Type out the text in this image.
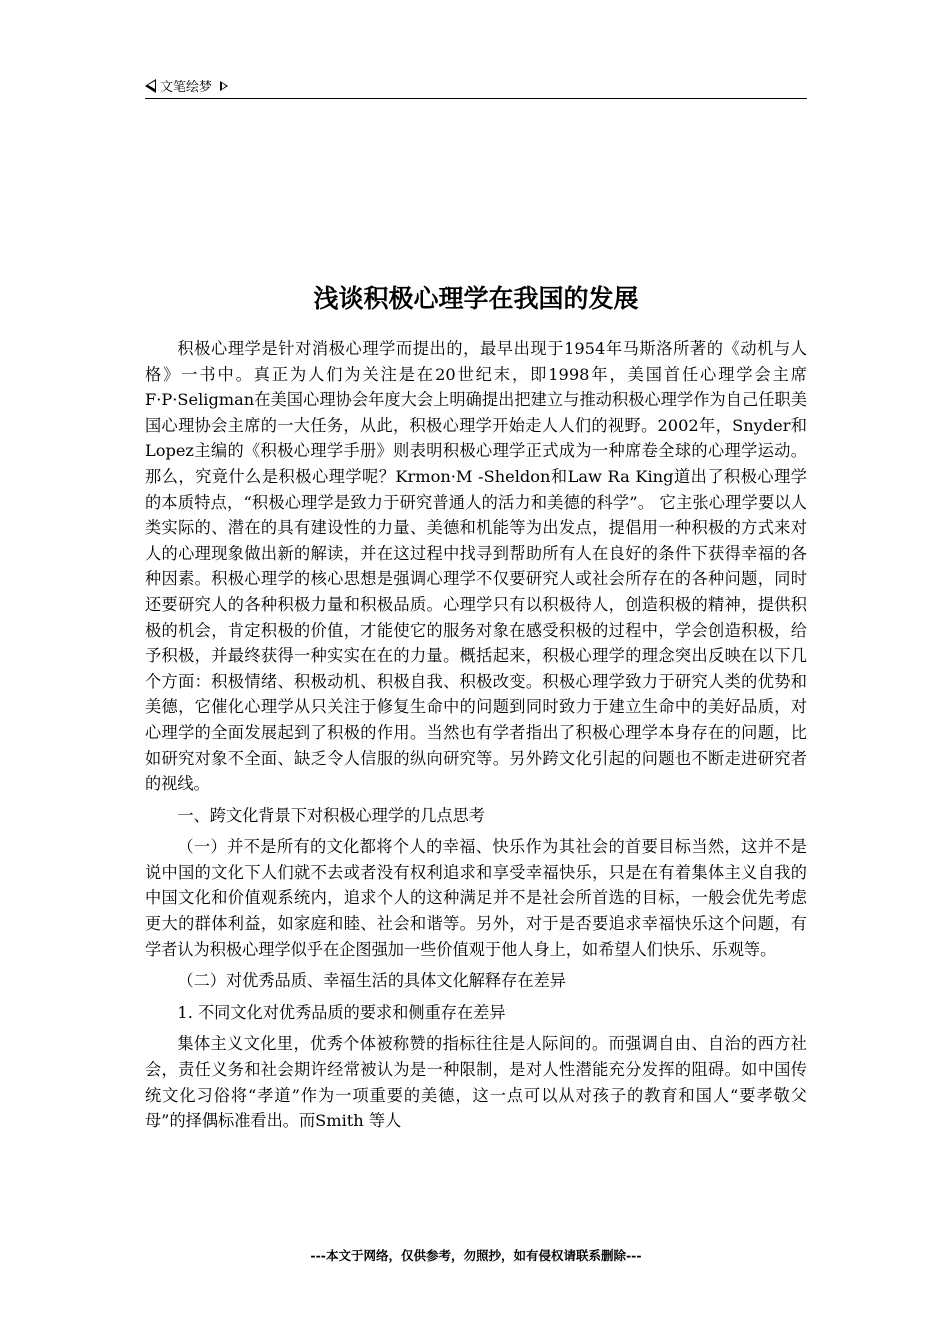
文笔绘梦
浅谈积极心理学在我国的发展

积极心理学是针对消极心理学而提出的，最早出现于1954年马斯洛所著的《动机与人格》一书中。真正为人们为关注是在20世纪末，即1998年，美国首任心理学会主席F·P·Seligman在美国心理协会年度大会上明确提出把建立与推动积极心理学作为自己任职美国心理协会主席的一大任务，从此，积极心理学开始走人人们的视野。2002年，Snyder和Lopez主编的《积极心理学手册》则表明积极心理学正式成为一种席卷全球的心理学运动。那么，究竟什么是积极心理学呢？Krmon·M -Sheldon和Law Ra King道出了积极心理学的本质特点，“积极心理学是致力于研究普通人的活力和美德的科学”。 它主张心理学要以人类实际的、潜在的具有建设性的力量、美德和机能等为出发点，提倡用一种积极的方式来对人的心理现象做出新的解读，并在这过程中找寻到帮助所有人在良好的条件下获得幸福的各种因素。积极心理学的核心思想是强调心理学不仅要研究人或社会所存在的各种问题，同时还要研究人的各种积极力量和积极品质。心理学只有以积极待人，创造积极的精神，提供积极的机会，肯定积极的价值，才能使它的服务对象在感受积极的过程中，学会创造积极，给予积极，并最终获得一种实实在在的力量。概括起来，积极心理学的理念突出反映在以下几个方面：积极情绪、积极动机、积极自我、积极改变。积极心理学致力于研究人类的优势和美德，它催化心理学从只关注于修复生命中的问题到同时致力于建立生命中的美好品质，对心理学的全面发展起到了积极的作用。当然也有学者指出了积极心理学本身存在的问题，比如研究对象不全面、缺乏令人信服的纵向研究等。另外跨文化引起的问题也不断走进研究者的视线。

一、跨文化背景下对积极心理学的几点思考

（一）并不是所有的文化都将个人的幸福、快乐作为其社会的首要目标当然，这并不是说中国的文化下人们就不去或者没有权利追求和享受幸福快乐，只是在有着集体主义自我的中国文化和价值观系统内，追求个人的这种满足并不是社会所首选的目标，一般会优先考虑更大的群体利益，如家庭和睦、社会和谐等。另外，对于是否要追求幸福快乐这个问题，有学者认为积极心理学似乎在企图强加一些价值观于他人身上，如希望人们快乐、乐观等。

（二）对优秀品质、幸福生活的具体文化解释存在差异

1. 不同文化对优秀品质的要求和侧重存在差异

集体主义文化里，优秀个体被称赞的指标往往是人际间的。而强调自由、自治的西方社会，责任义务和社会期许经常被认为是一种限制，是对人性潜能充分发挥的阻碍。如中国传统文化习俗将“孝道”作为一项重要的美德，这一点可以从对孩子的教育和国人“要孝敬父母”的择偶标准看出。而Smith 等人

---本文于网络，仅供参考，勿照抄，如有侵权请联系删除---
